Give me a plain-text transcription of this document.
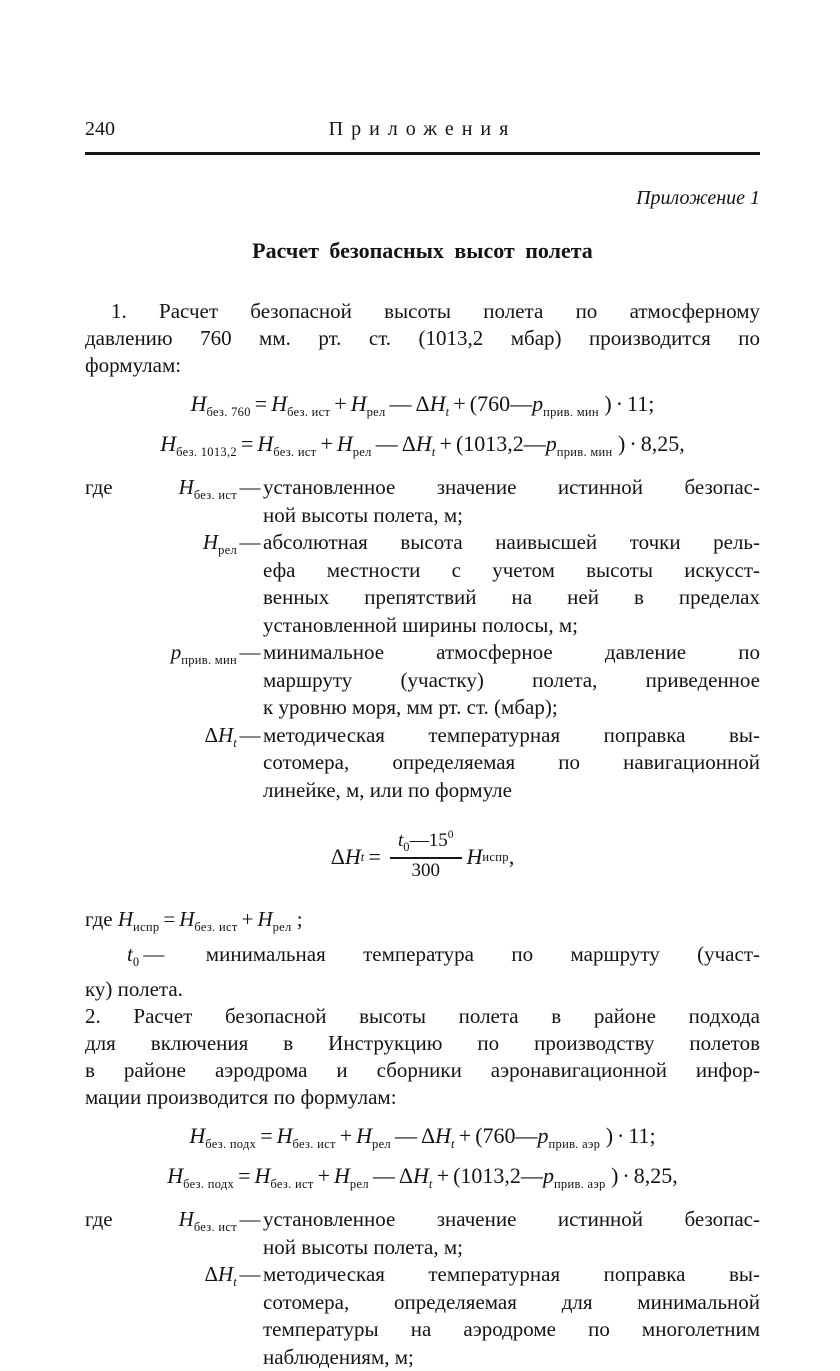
240	Приложения
Приложение 1
Расчет безопасных высот полета
1. Расчет безопасной высоты полета по атмосферному
давлению 760 мм. рт. ст. (1013,2 мбар) производится по
формулам:
$H_{без. 760} = H_{без. ист} + H_{рел}$ — $\Delta H_t$ + ($760—p_{прив. мин}$ ) · 11;
$H_{без. 1013,2} = H_{без. ист} + H_{рел}$ — $\Delta H_t$ + ($1013,2—p_{прив. мин}$ ) · 8,25,
где	$H_{без. ист}$ — установленное значение истинной безопас-
ной высоты полета, м;
$H_{рел}$ — абсолютная высота наивысшей точки рель-
ефа местности с учетом высоты искусст-
венных препятствий на ней в пределах
установленной ширины полосы, м;
$p_{прив. мин}$ — минимальное атмосферное давление по
маршруту (участку) полета, приведенное
к уровню моря, мм рт. ст. (мбар);
$\Delta H_t$ — методическая температурная поправка вы-
сотомера, определяемая по навигационной
линейке, м, или по формуле
Δ H $t = \frac{t_0—15^0}{300}$ H испр ,
где $H_{испр} = H_{без. ист} + H_{рел}$ ;
$t_0$ — минимальная температура по маршруту (участ-
ку) полета.
2. Расчет безопасной высоты полета в районе подхода
для включения в Инструкцию по производству полетов
в районе аэродрома и сборники аэронавигационной инфор-
мации производится по формулам:
$H_{без. подх} = H_{без. ист} + H_{рел}$ — $\Delta H_t$ + ($760—p_{прив. аэр}$ ) · 11;
$H_{без. подх} = H_{без. ист} + H_{рел}$ — $\Delta H_t$ + ($1013,2—p_{прив. аэр}$ ) · 8,25,
где	$H_{без. ист}$ — установленное значение истинной безопас-
ной высоты полета, м;
$\Delta H_t$ — методическая температурная поправка вы-
сотомера, определяемая для минимальной
температуры на аэродроме по многолетним
наблюдениям, м;
